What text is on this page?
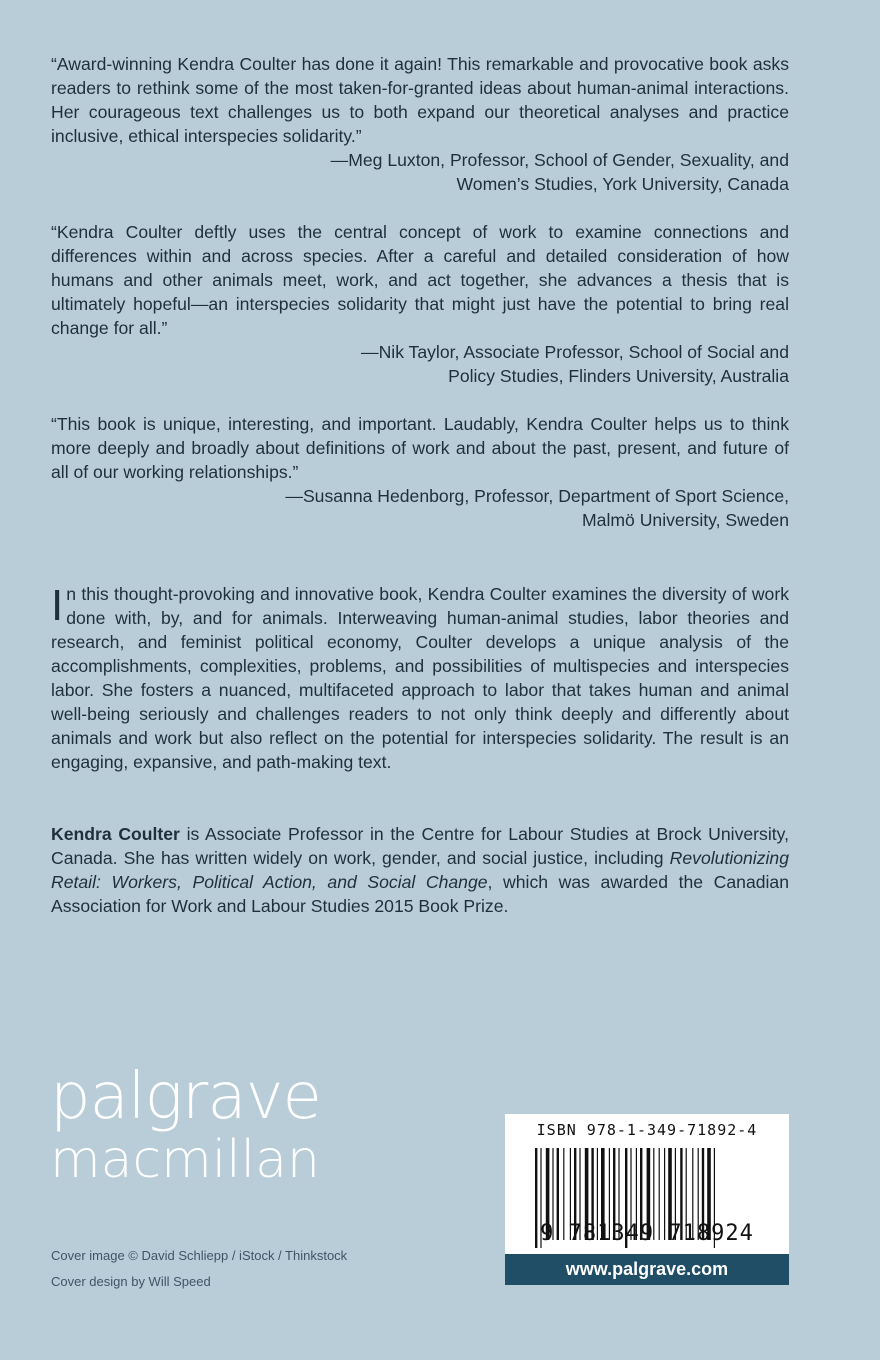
“Award-winning Kendra Coulter has done it again! This remarkable and provocative book asks readers to rethink some of the most taken-for-granted ideas about human-animal interactions. Her courageous text challenges us to both expand our theoretical analyses and practice inclusive, ethical interspecies solidarity.”

—Meg Luxton, Professor, School of Gender, Sexuality, and
Women’s Studies, York University, Canada

“Kendra Coulter deftly uses the central concept of work to examine connections and differences within and across species. After a careful and detailed consideration of how humans and other animals meet, work, and act together, she advances a thesis that is ultimately hopeful—an interspecies solidarity that might just have the potential to bring real change for all.”

—Nik Taylor, Associate Professor, School of Social and
Policy Studies, Flinders University, Australia

“This book is unique, interesting, and important. Laudably, Kendra Coulter helps us to think more deeply and broadly about definitions of work and about the past, present, and future of all of our working relationships.”

—Susanna Hedenborg, Professor, Department of Sport Science,
Malmö University, Sweden

In this thought-provoking and innovative book, Kendra Coulter examines the diversity of work done with, by, and for animals. Interweaving human-animal studies, labor theories and research, and feminist political economy, Coulter develops a unique analysis of the accomplishments, complexities, problems, and possibilities of multispecies and interspecies labor. She fosters a nuanced, multifaceted approach to labor that takes human and animal well-being seriously and challenges readers to not only think deeply and differently about animals and work but also reflect on the potential for interspecies solidarity. The result is an engaging, expansive, and path-making text.

Kendra Coulter is Associate Professor in the Centre for Labour Studies at Brock University, Canada. She has written widely on work, gender, and social justice, including Revolutionizing Retail: Workers, Political Action, and Social Change, which was awarded the Canadian Association for Work and Labour Studies 2015 Book Prize.

palgrave
macmillan
Cover image © David Schliepp / iStock / Thinkstock
Cover design by Will Speed
ISBN 978-1-349-71892-4
9 781349 718924
www.palgrave.com
